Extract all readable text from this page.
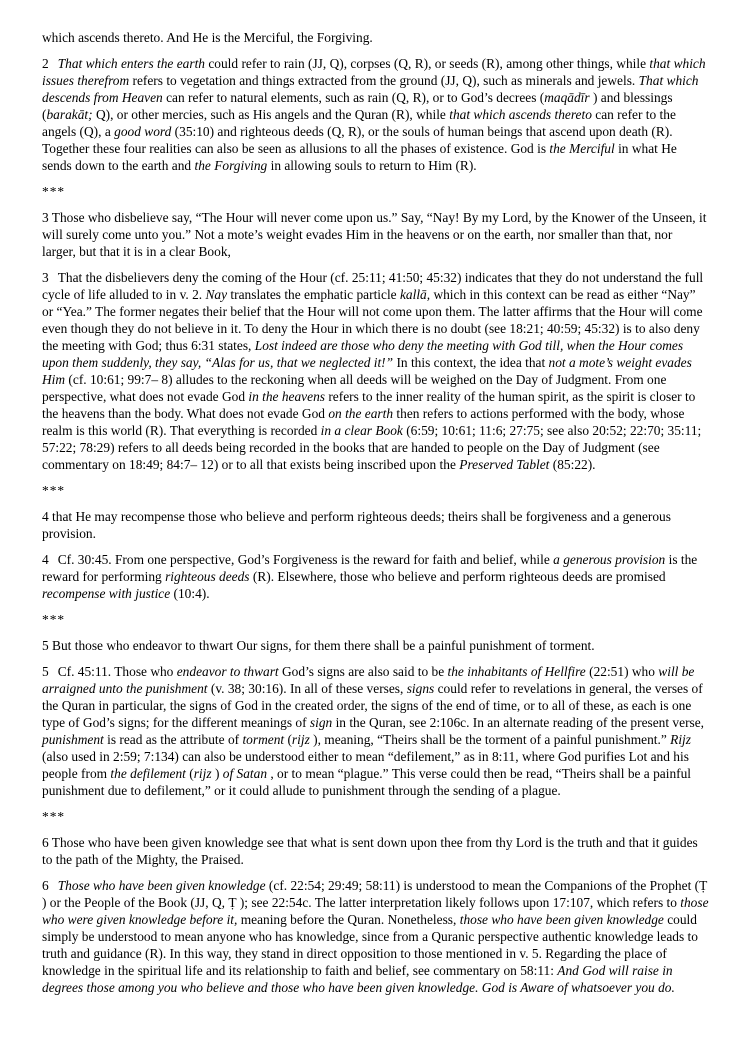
which ascends thereto. And He is the Merciful, the Forgiving.

2 That which enters the earth could refer to rain (JJ, Q), corpses (Q, R), or seeds (R), among other things, while that which issues therefrom refers to vegetation and things extracted from the ground (JJ, Q), such as minerals and jewels. That which descends from Heaven can refer to natural elements, such as rain (Q, R), or to God’s decrees (maqādīr ) and blessings (barakāt; Q), or other mercies, such as His angels and the Quran (R), while that which ascends thereto can refer to the angels (Q), a good word (35:10) and righteous deeds (Q, R), or the souls of human beings that ascend upon death (R). Together these four realities can also be seen as allusions to all the phases of existence. God is the Merciful in what He sends down to the earth and the Forgiving in allowing souls to return to Him (R).

***

3 Those who disbelieve say, “The Hour will never come upon us.” Say, “Nay! By my Lord, by the Knower of the Unseen, it will surely come unto you.” Not a mote’s weight evades Him in the heavens or on the earth, nor smaller than that, nor larger, but that it is in a clear Book,

3 That the disbelievers deny the coming of the Hour (cf. 25:11; 41:50; 45:32) indicates that they do not understand the full cycle of life alluded to in v. 2. Nay translates the emphatic particle kallā, which in this context can be read as either “Nay” or “Yea.” The former negates their belief that the Hour will not come upon them. The latter affirms that the Hour will come even though they do not believe in it. To deny the Hour in which there is no doubt (see 18:21; 40:59; 45:32) is to also deny the meeting with God; thus 6:31 states, Lost indeed are those who deny the meeting with God till, when the Hour comes upon them suddenly, they say, “Alas for us, that we neglected it!” In this context, the idea that not a mote’s weight evades Him (cf. 10:61; 99:7– 8) alludes to the reckoning when all deeds will be weighed on the Day of Judgment. From one perspective, what does not evade God in the heavens refers to the inner reality of the human spirit, as the spirit is closer to the heavens than the body. What does not evade God on the earth then refers to actions performed with the body, whose realm is this world (R). That everything is recorded in a clear Book (6:59; 10:61; 11:6; 27:75; see also 20:52; 22:70; 35:11; 57:22; 78:29) refers to all deeds being recorded in the books that are handed to people on the Day of Judgment (see commentary on 18:49; 84:7– 12) or to all that exists being inscribed upon the Preserved Tablet (85:22).

***

4 that He may recompense those who believe and perform righteous deeds; theirs shall be forgiveness and a generous provision.

4 Cf. 30:45. From one perspective, God’s Forgiveness is the reward for faith and belief, while a generous provision is the reward for performing righteous deeds (R). Elsewhere, those who believe and perform righteous deeds are promised recompense with justice (10:4).

***

5 But those who endeavor to thwart Our signs, for them there shall be a painful punishment of torment.

5 Cf. 45:11. Those who endeavor to thwart God’s signs are also said to be the inhabitants of Hellfire (22:51) who will be arraigned unto the punishment (v. 38; 30:16). In all of these verses, signs could refer to revelations in general, the verses of the Quran in particular, the signs of God in the created order, the signs of the end of time, or to all of these, as each is one type of God’s signs; for the different meanings of sign in the Quran, see 2:106c. In an alternate reading of the present verse, punishment is read as the attribute of torment (rijz ), meaning, “Theirs shall be the torment of a painful punishment.” Rijz (also used in 2:59; 7:134) can also be understood either to mean “defilement,” as in 8:11, where God purifies Lot and his people from the defilement (rijz ) of Satan , or to mean “plague.” This verse could then be read, “Theirs shall be a painful punishment due to defilement,” or it could allude to punishment through the sending of a plague.

***

6 Those who have been given knowledge see that what is sent down upon thee from thy Lord is the truth and that it guides to the path of the Mighty, the Praised.

6 Those who have been given knowledge (cf. 22:54; 29:49; 58:11) is understood to mean the Companions of the Prophet (Ṭ ) or the People of the Book (JJ, Q, Ṭ ); see 22:54c. The latter interpretation likely follows upon 17:107, which refers to those who were given knowledge before it, meaning before the Quran. Nonetheless, those who have been given knowledge could simply be understood to mean anyone who has knowledge, since from a Quranic perspective authentic knowledge leads to truth and guidance (R). In this way, they stand in direct opposition to those mentioned in v. 5. Regarding the place of knowledge in the spiritual life and its relationship to faith and belief, see commentary on 58:11: And God will raise in degrees those among you who believe and those who have been given knowledge. God is Aware of whatsoever you do.
